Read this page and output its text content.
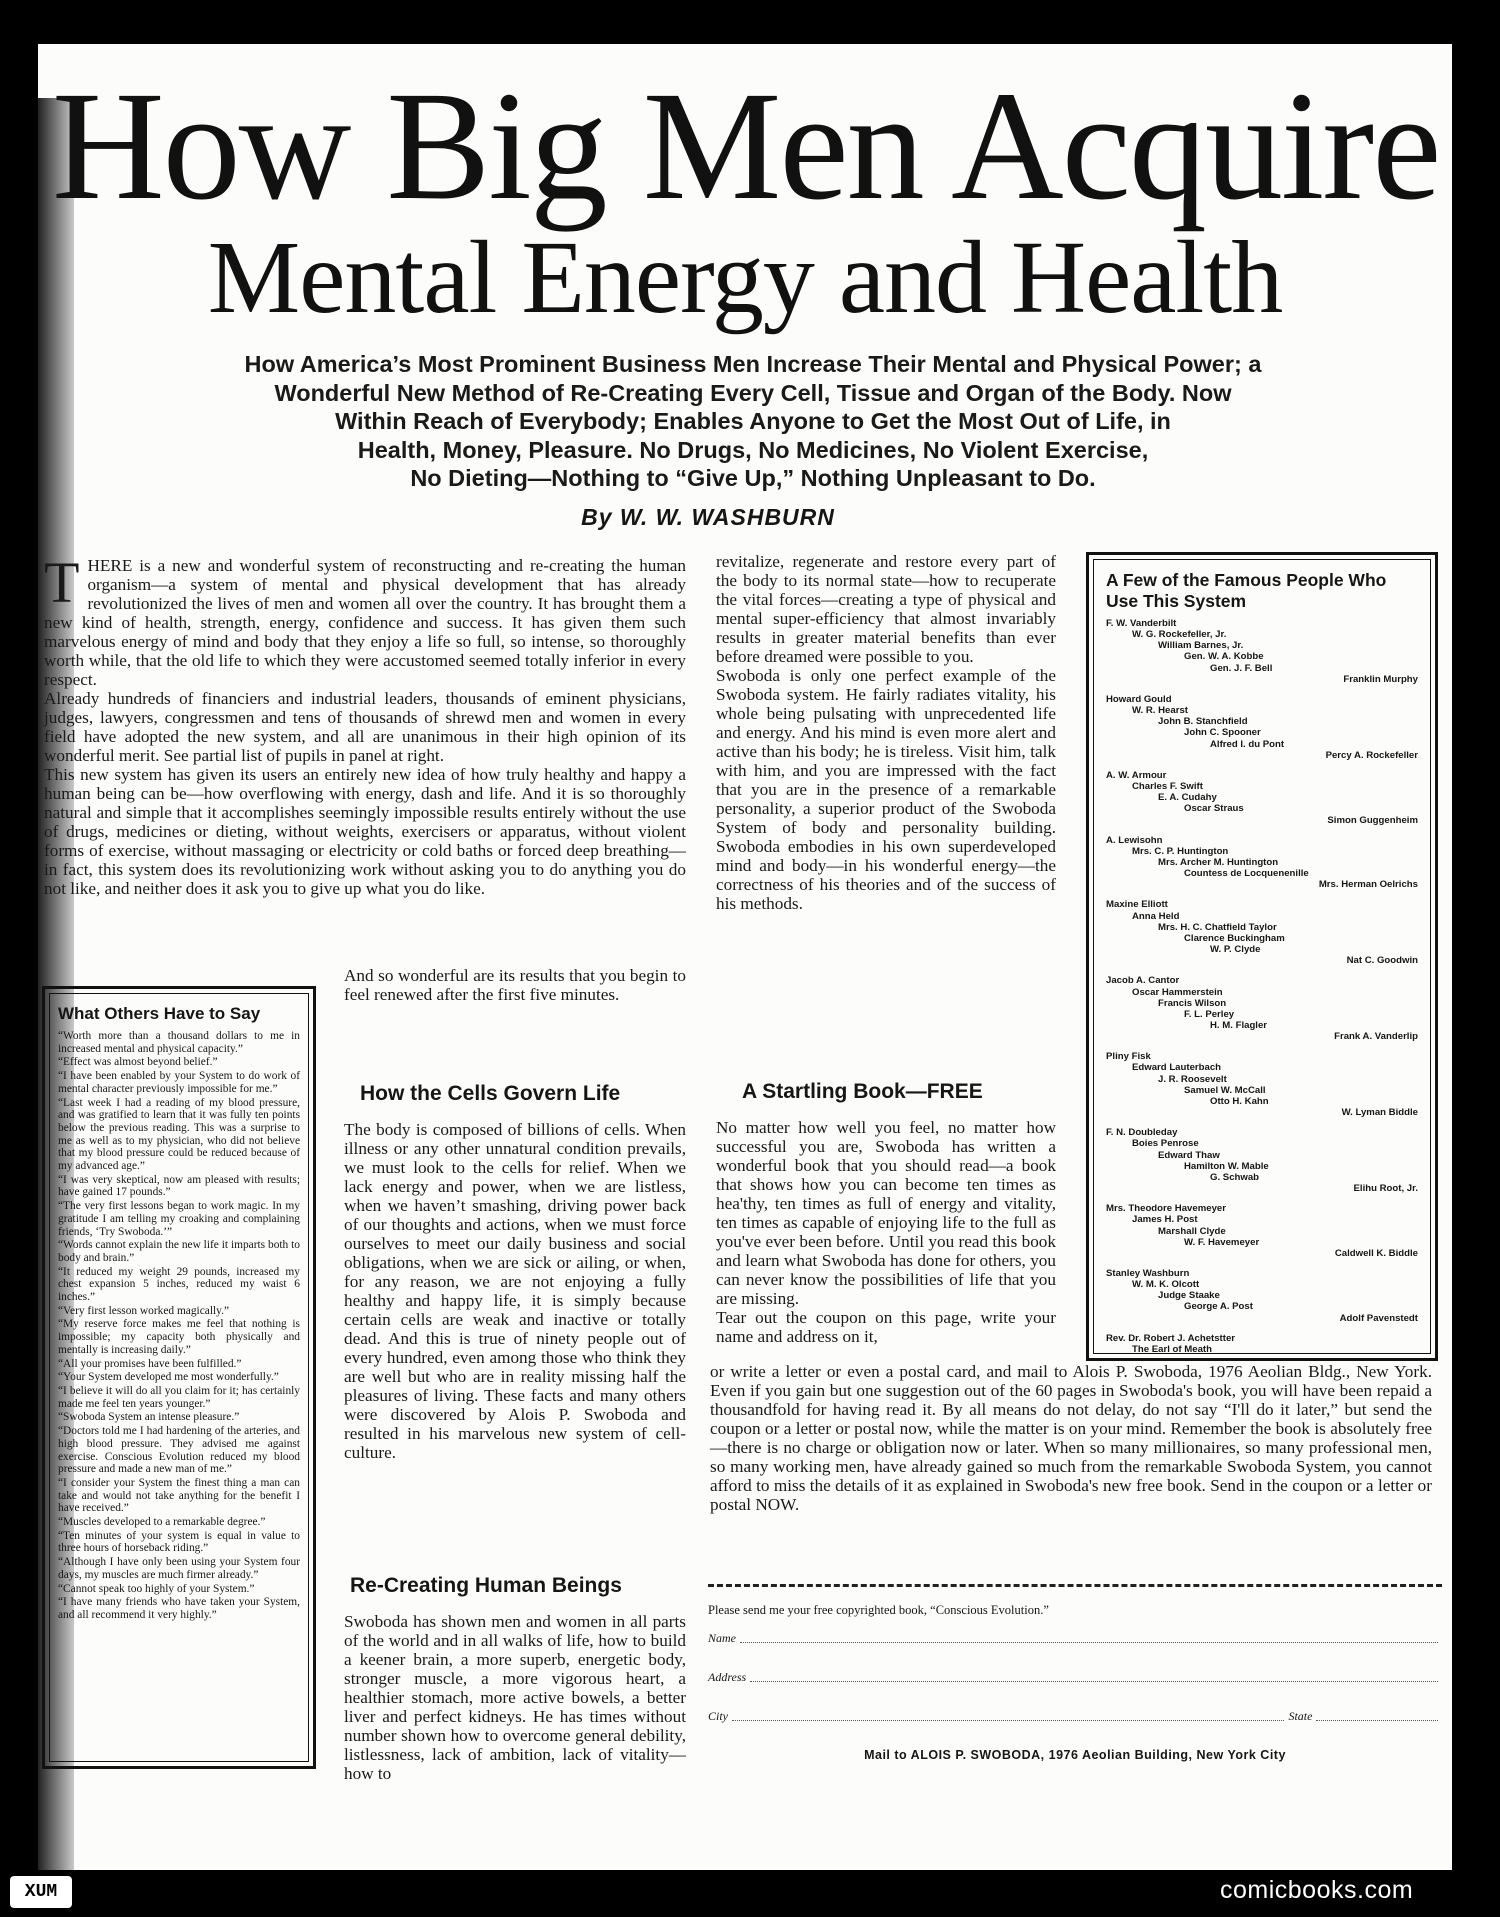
How Big Men Acquire
Mental Energy and Health
How America’s Most Prominent Business Men Increase Their Mental and Physical Power; a
Wonderful New Method of Re-Creating Every Cell, Tissue and Organ of the Body. Now
Within Reach of Everybody; Enables Anyone to Get the Most Out of Life, in
Health, Money, Pleasure. No Drugs, No Medicines, No Violent Exercise,
No Dieting—Nothing to “Give Up,” Nothing Unpleasant to Do.
By W. W. WASHBURN

THERE is a new and wonderful system of reconstructing and re-creating the human organism—a system of mental and physical development that has already revolutionized the lives of men and women all over the country. It has brought them a new kind of health, strength, energy, confidence and success. It has given them such marvelous energy of mind and body that they enjoy a life so full, so intense, so thoroughly worth while, that the old life to which they were accustomed seemed totally inferior in every respect.

Already hundreds of financiers and industrial leaders, thousands of eminent physicians, judges, lawyers, congressmen and tens of thousands of shrewd men and women in every field have adopted the new system, and all are unanimous in their high opinion of its wonderful merit. See partial list of pupils in panel at right.

This new system has given its users an entirely new idea of how truly healthy and happy a human being can be—how overflowing with energy, dash and life. And it is so thoroughly natural and simple that it accomplishes seemingly impossible results entirely without the use of drugs, medicines or dieting, without weights, exercisers or apparatus, without violent forms of exercise, without massaging or electricity or cold baths or forced deep breathing—in fact, this system does its revolutionizing work without asking you to do anything you do not like, and neither does it ask you to give up what you do like.

And so wonderful are its results that you begin to feel renewed after the first five minutes.
What Others Have to Say
“Worth more than a thousand dollars to me in increased mental and physical capacity.”
“Effect was almost beyond belief.”
“I have been enabled by your System to do work of mental character previously impossible for me.”
“Last week I had a reading of my blood pressure, and was gratified to learn that it was fully ten points below the previous reading. This was a surprise to me as well as to my physician, who did not believe that my blood pressure could be reduced because of my advanced age.”
“I was very skeptical, now am pleased with results; have gained 17 pounds.”
“The very first lessons began to work magic. In my gratitude I am telling my croaking and complaining friends, ‘Try Swoboda.’”
“Words cannot explain the new life it imparts both to body and brain.”
“It reduced my weight 29 pounds, increased my chest expansion 5 inches, reduced my waist 6 inches.”
“Very first lesson worked magically.”
“My reserve force makes me feel that nothing is impossible; my capacity both physically and mentally is increasing daily.”
“All your promises have been fulfilled.”
“Your System developed me most wonderfully.”
“I believe it will do all you claim for it; has certainly made me feel ten years younger.”
“Swoboda System an intense pleasure.”
“Doctors told me I had hardening of the arteries, and high blood pressure. They advised me against exercise. Conscious Evolution reduced my blood pressure and made a new man of me.”
“I consider your System the finest thing a man can take and would not take anything for the benefit I have received.”
“Muscles developed to a remarkable degree.”
“Ten minutes of your system is equal in value to three hours of horseback riding.”
“Although I have only been using your System four days, my muscles are much firmer already.”
“Cannot speak too highly of your System.”
“I have many friends who have taken your System, and all recommend it very highly.”
How the Cells Govern Life
The body is composed of billions of cells. When illness or any other unnatural condition prevails, we must look to the cells for relief. When we lack energy and power, when we are listless, when we haven’t smashing, driving power back of our thoughts and actions, when we must force ourselves to meet our daily business and social obligations, when we are sick or ailing, or when, for any reason, we are not enjoying a fully healthy and happy life, it is simply because certain cells are weak and inactive or totally dead. And this is true of ninety people out of every hundred, even among those who think they are well but who are in reality missing half the pleasures of living. These facts and many others were discovered by Alois P. Swoboda and resulted in his marvelous new system of cell-culture.
Re-Creating Human Beings
Swoboda has shown men and women in all parts of the world and in all walks of life, how to build a keener brain, a more superb, energetic body, stronger muscle, a more vigorous heart, a healthier stomach, more active bowels, a better liver and perfect kidneys. He has times without number shown how to overcome general debility, listlessness, lack of ambition, lack of vitality—how to

revitalize, regenerate and restore every part of the body to its normal state—how to recuperate the vital forces—creating a type of physical and mental super-efficiency that almost invariably results in greater material benefits than ever before dreamed were possible to you.

Swoboda is only one perfect example of the Swoboda system. He fairly radiates vitality, his whole being pulsating with unprecedented life and energy. And his mind is even more alert and active than his body; he is tireless. Visit him, talk with him, and you are impressed with the fact that you are in the presence of a remarkable personality, a superior product of the Swoboda System of body and personality building. Swoboda embodies in his own superdeveloped mind and body—in his wonderful energy—the correctness of his theories and of the success of his methods.

A Startling Book—FREE

No matter how well you feel, no matter how successful you are, Swoboda has written a wonderful book that you should read—a book that shows how you can become ten times as hea'thy, ten times as full of energy and vitality, ten times as capable of enjoying life to the full as you've ever been before. Until you read this book and learn what Swoboda has done for others, you can never know the possibilities of life that you are missing.

Tear out the coupon on this page, write your name and address on it,

or write a letter or even a postal card, and mail to Alois P. Swoboda, 1976 Aeolian Bldg., New York. Even if you gain but one suggestion out of the 60 pages in Swoboda's book, you will have been repaid a thousandfold for having read it. By all means do not delay, do not say “I'll do it later,” but send the coupon or a letter or postal now, while the matter is on your mind. Remember the book is absolutely free—there is no charge or obligation now or later. When so many millionaires, so many professional men, so many working men, have already gained so much from the remarkable Swoboda System, you cannot afford to miss the details of it as explained in Swoboda's new free book. Send in the coupon or a letter or postal NOW.
A Few of the Famous People Who Use This System
F. W. Vanderbilt
W. G. Rockefeller, Jr.
William Barnes, Jr.
Gen. W. A. Kobbe
Gen. J. F. Bell
Franklin Murphy
Howard Gould
W. R. Hearst
John B. Stanchfield
John C. Spooner
Alfred I. du Pont
Percy A. Rockefeller
A. W. Armour
Charles F. Swift
E. A. Cudahy
Oscar Straus
Simon Guggenheim
A. Lewisohn
Mrs. C. P. Huntington
Mrs. Archer M. Huntington
Countess de Locquenenille
Mrs. Herman Oelrichs
Maxine Elliott
Anna Held
Mrs. H. C. Chatfield Taylor
Clarence Buckingham
W. P. Clyde
Nat C. Goodwin
Jacob A. Cantor
Oscar Hammerstein
Francis Wilson
F. L. Perley
H. M. Flagler
Frank A. Vanderlip
Pliny Fisk
Edward Lauterbach
J. R. Roosevelt
Samuel W. McCall
Otto H. Kahn
W. Lyman Biddle
F. N. Doubleday
Boies Penrose
Edward Thaw
Hamilton W. Mable
G. Schwab
Elihu Root, Jr.
Mrs. Theodore Havemeyer
James H. Post
Marshall Clyde
W. F. Havemeyer
Caldwell K. Biddle
Stanley Washburn
W. M. K. Olcott
Judge Staake
George A. Post
Adolf Pavenstedt
Rev. Dr. Robert J. Achetstter
The Earl of Meath
Please send me your free copyrighted book, “Conscious Evolution.”
Name
Address
City	State
Mail to ALOIS P. SWOBODA, 1976 Aeolian Building, New York City
XUM	comicbooks.com
